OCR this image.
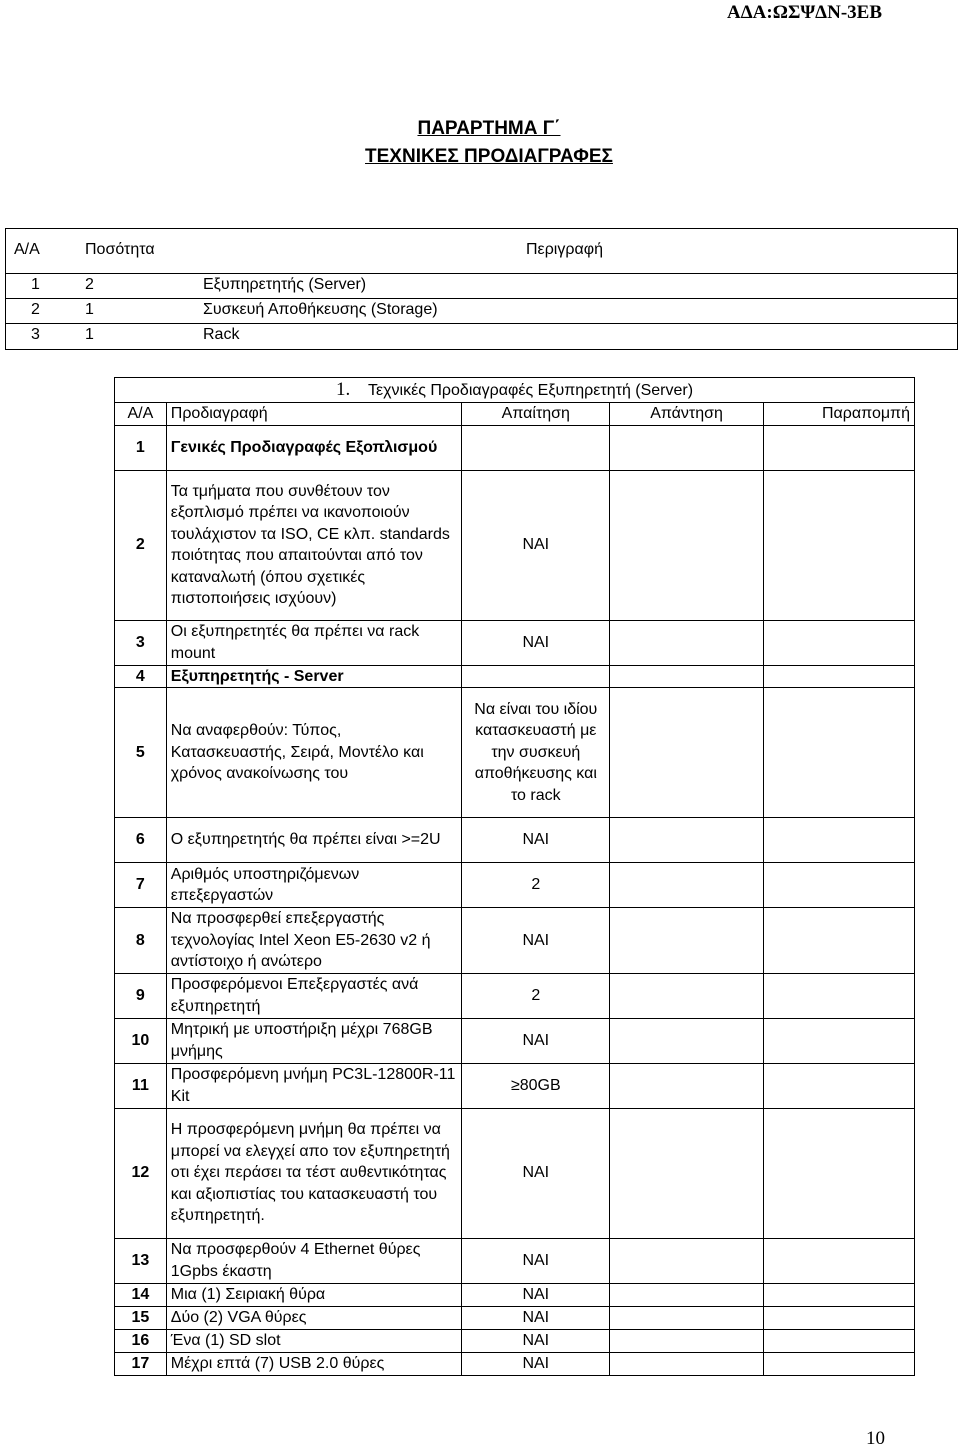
ΑΔΑ:ΩΣΨΔΝ-3ΕΒ
ΠΑΡΑΡΤΗΜΑ Γ΄
ΤΕΧΝΙΚΕΣ ΠΡΟΔΙΑΓΡΑΦΕΣ
Α/Α	Ποσότητα	Περιγραφή
1	2	Εξυπηρετητής (Server)
2	1	Συσκευή Αποθήκευσης (Storage)
3	1	Rack
1. Τεχνικές Προδιαγραφές Εξυπηρετητή (Server)				
Α/Α	Προδιαγραφή	Απαίτηση	Απάντηση	Παραπομπή
1	Γενικές Προδιαγραφές Εξοπλισμού			
2	Τα τμήματα που συνθέτουν τον εξοπλισμό πρέπει να ικανοποιούν τουλάχιστον τα ISO, CE κλπ. standards ποιότητας που απαιτούνται από τον καταναλωτή (όπου σχετικές πιστοποιήσεις ισχύουν)	ΝΑΙ		
3	Οι εξυπηρετητές θα πρέπει να rack mount	ΝΑΙ		
4	Εξυπηρετητής - Server			
5	Να αναφερθούν: Τύπος, Κατασκευαστής, Σειρά, Μοντέλο και χρόνος ανακοίνωσης του	Να είναι του ιδίου κατασκευαστή με την συσκευή αποθήκευσης και το rack		
6	Ο εξυπηρετητής θα πρέπει είναι >=2U	ΝΑΙ		
7	Αριθμός υποστηριζόμενων επεξεργαστών	2		
8	Να προσφερθεί επεξεργαστής τεχνολογίας Intel Xeon E5-2630 v2 ή αντίστοιχο ή ανώτερο	ΝΑΙ		
9	Προσφερόμενοι Επεξεργαστές ανά εξυπηρετητή	2		
10	Μητρική με υποστήριξη μέχρι 768GB μνήμης	ΝΑΙ		
11	Προσφερόμενη μνήμη PC3L-12800R-11 Kit	≥80GB		
12	Η προσφερόμενη μνήμη θα πρέπει να μπορεί να ελεγχεί απο τον εξυπηρετητή οτι έχει περάσει τα τέστ αυθεντικότητας και αξιοπιστίας του κατασκευαστή του εξυπηρετητή.	ΝΑΙ		
13	Να προσφερθούν 4 Ethernet θύρες 1Gpbs έκαστη	ΝΑΙ		
14	Μια (1) Σειριακή θύρα	ΝΑΙ		
15	Δύο (2) VGA θύρες	ΝΑΙ		
16	Ένα (1) SD slot	ΝΑΙ		
17	Μέχρι επτά (7) USB 2.0 θύρες	ΝΑΙ		
10
